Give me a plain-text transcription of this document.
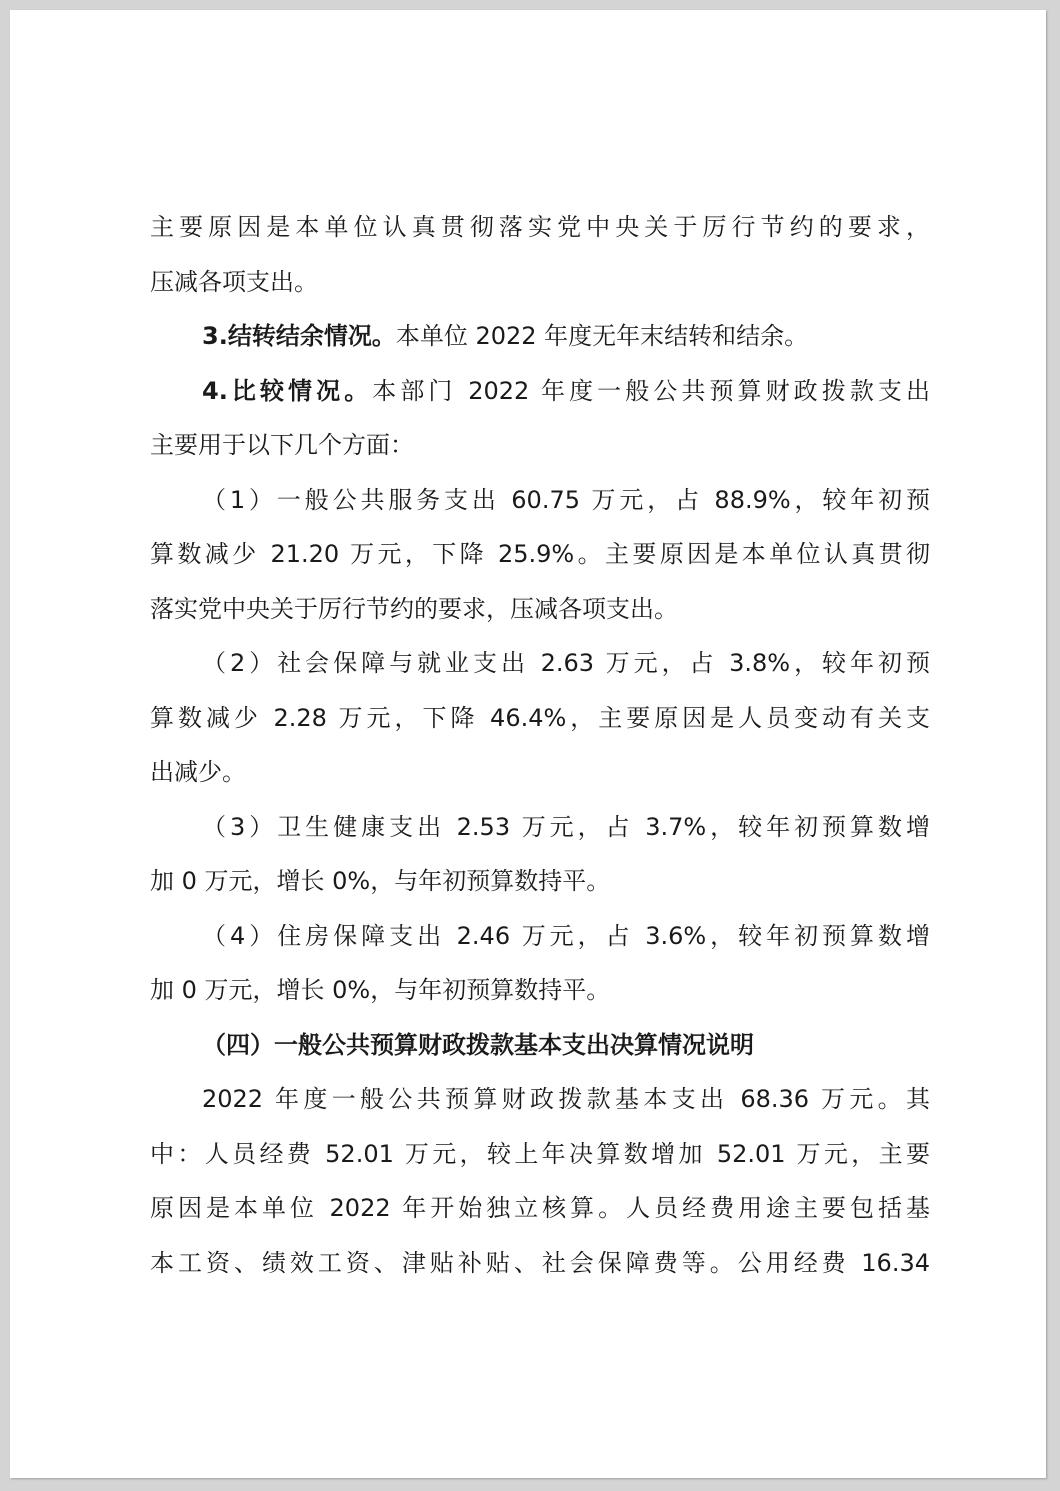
主要原因是本单位认真贯彻落实党中央关于厉行节约的要求，
压减各项支出。
3.结转结余情况。本单位 2022 年度无年末结转和结余。
4.比较情况。本部门 2022 年度一般公共预算财政拨款支出
主要用于以下几个方面：
（1）一般公共服务支出 60.75 万元，占 88.9%，较年初预
算数减少 21.20 万元，下降 25.9%。主要原因是本单位认真贯彻
落实党中央关于厉行节约的要求，压减各项支出。
（2）社会保障与就业支出 2.63 万元，占 3.8%，较年初预
算数减少 2.28 万元，下降 46.4%，主要原因是人员变动有关支
出减少。
（3）卫生健康支出 2.53 万元，占 3.7%，较年初预算数增
加 0 万元，增长 0%，与年初预算数持平。
（4）住房保障支出 2.46 万元，占 3.6%，较年初预算数增
加 0 万元，增长 0%，与年初预算数持平。
（四）一般公共预算财政拨款基本支出决算情况说明
2022 年度一般公共预算财政拨款基本支出 68.36 万元。其
中：人员经费 52.01 万元，较上年决算数增加 52.01 万元，主要
原因是本单位 2022 年开始独立核算。人员经费用途主要包括基
本工资、绩效工资、津贴补贴、社会保障费等。公用经费 16.34
